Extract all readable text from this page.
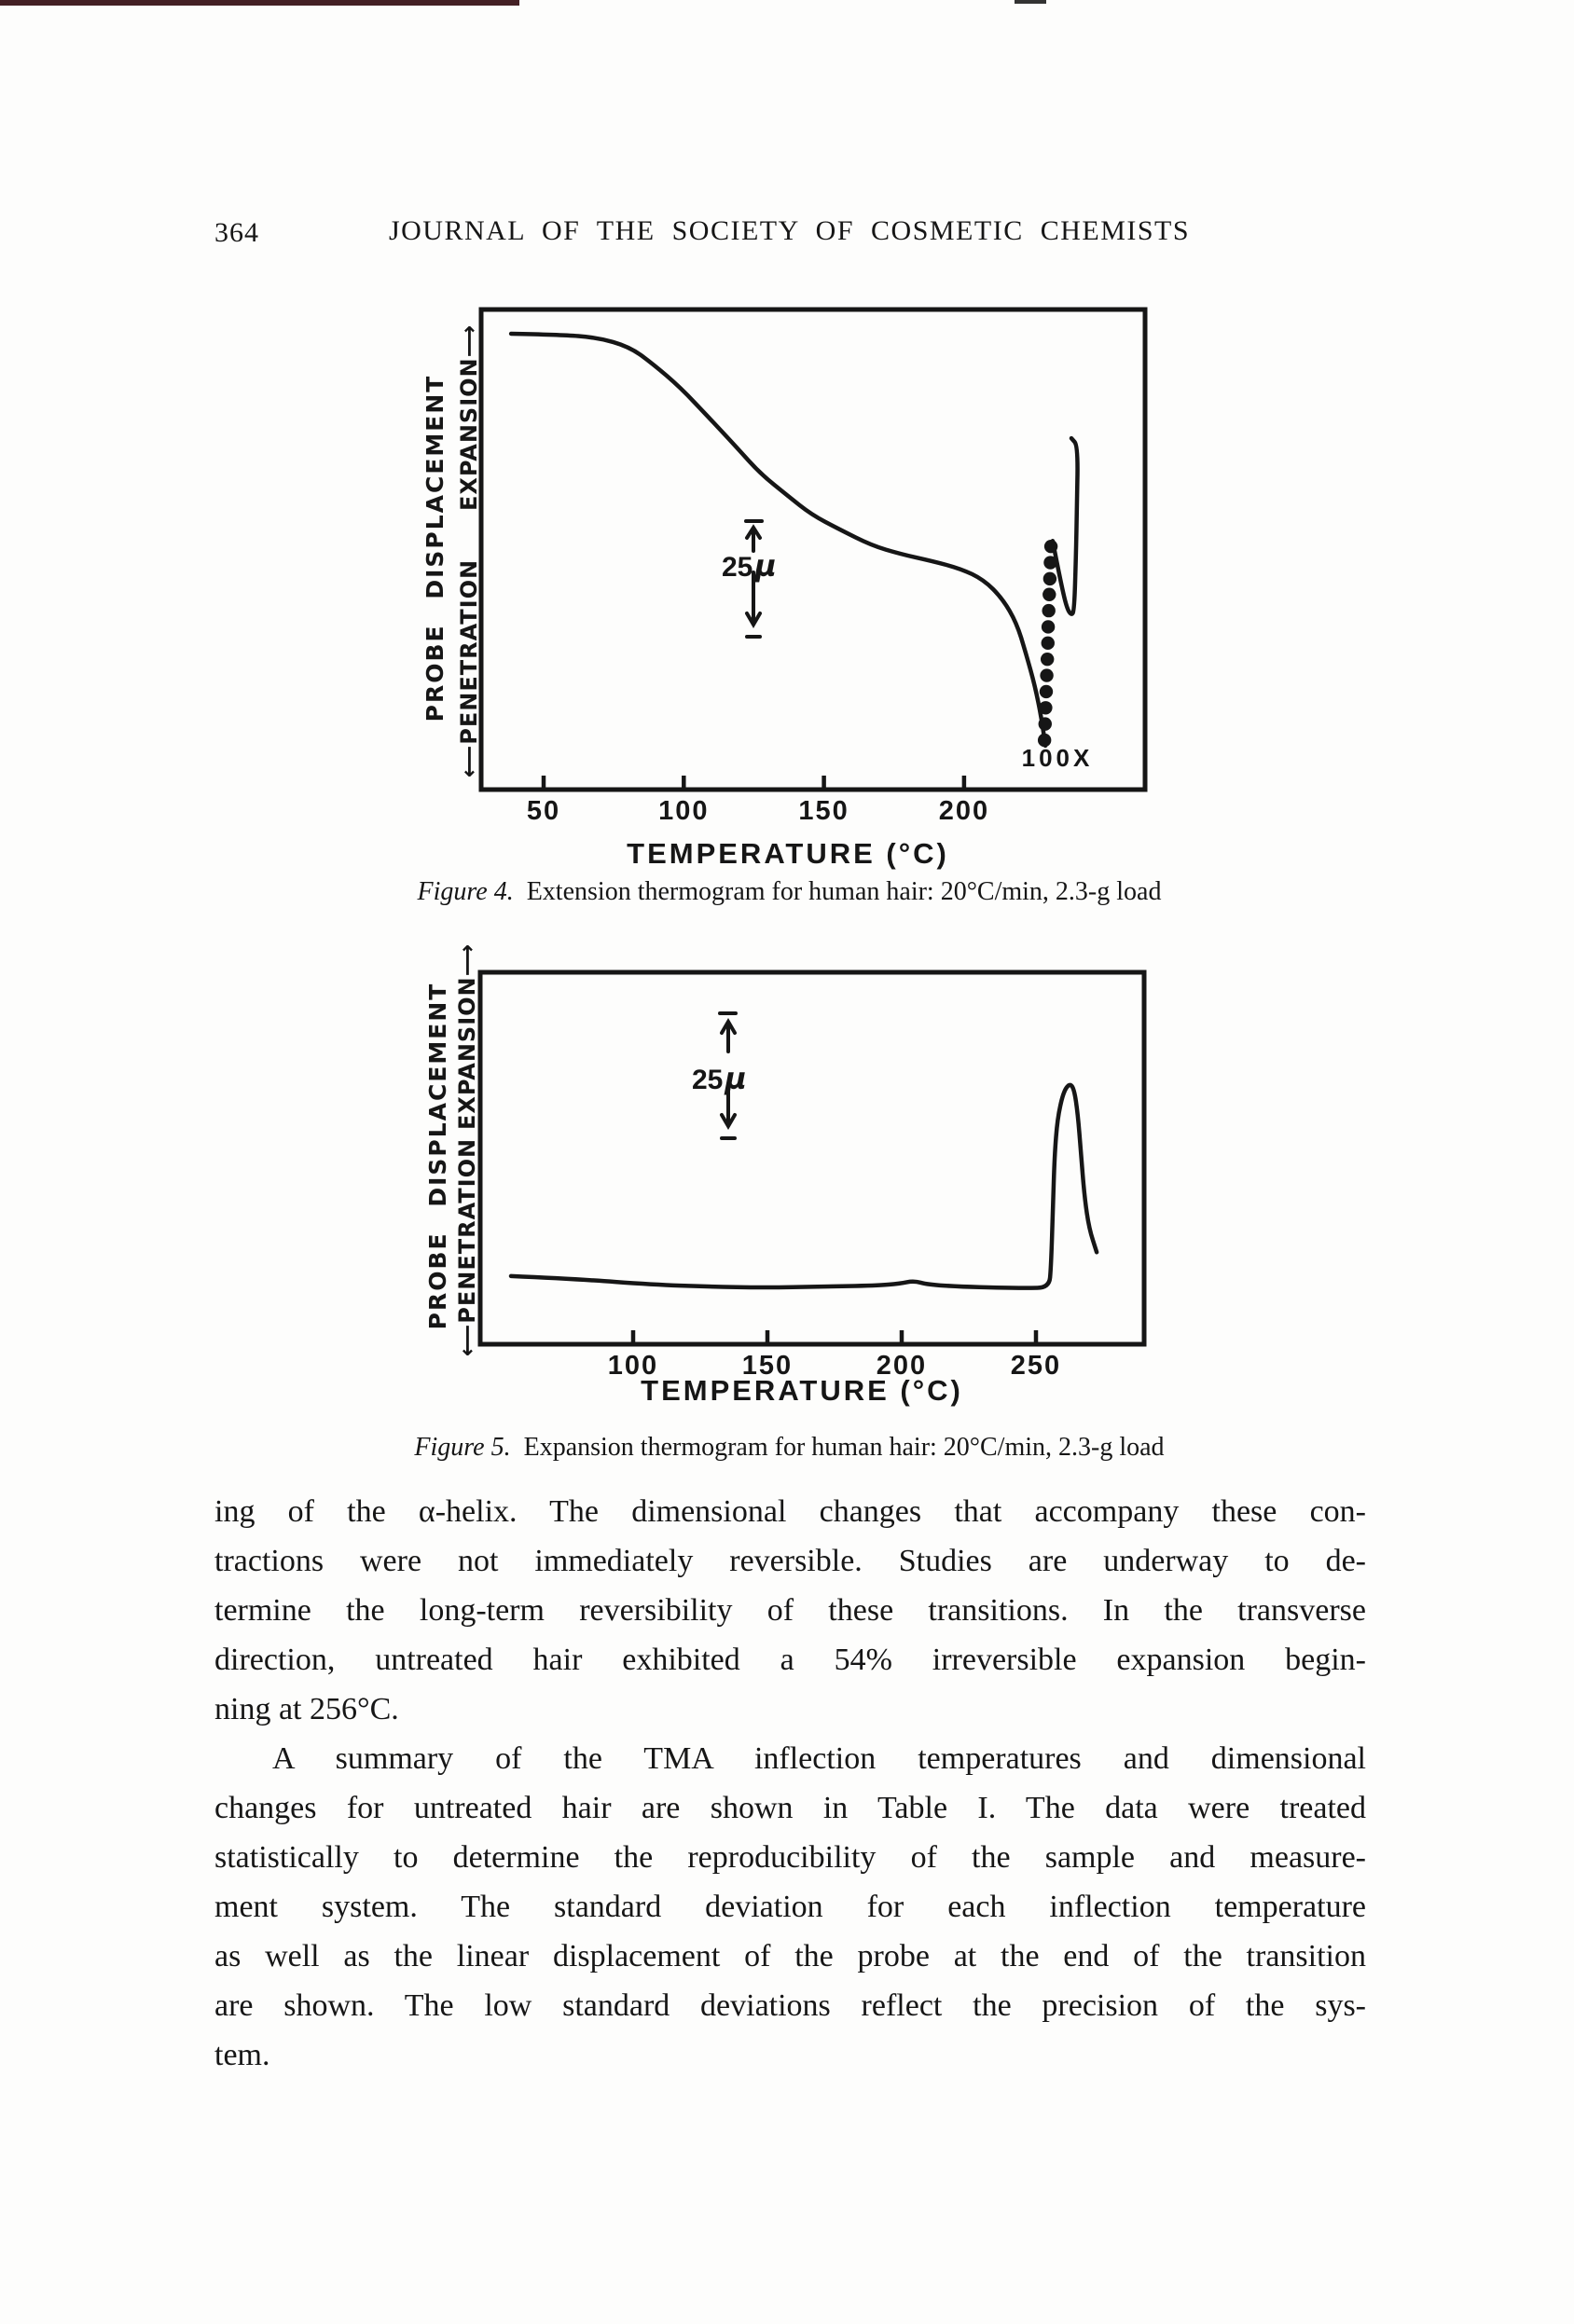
364	JOURNAL OF THE SOCIETY OF COSMETIC CHEMISTS
PROBE DISPLACEMENT EXPANSION⟶
⟵PENETRATION	25µ
100X
TEMPERATURE (°C)
Figure 4. Extension thermogram for human hair: 20°C/min, 2.3-g load
PROBE DISPLACEMENT EXPANSION⟶
⟵PENETRATION
25µ
TEMPERATURE (°C)
Figure 5. Expansion thermogram for human hair: 20°C/min, 2.3-g load
ing of the α-helix. The dimensional changes that accompany these con-
tractions were not immediately reversible. Studies are underway to de-
termine the long-term reversibility of these transitions. In the transverse
direction, untreated hair exhibited a 54% irreversible expansion begin-
ning at 256°C.
A summary of the TMA inflection temperatures and dimensional
changes for untreated hair are shown in Table I. The data were treated
statistically to determine the reproducibility of the sample and measure-
ment system. The standard deviation for each inflection temperature
as well as the linear displacement of the probe at the end of the transition
are shown. The low standard deviations reflect the precision of the sys-
tem.
50	100	150	200
100	150	200	250
